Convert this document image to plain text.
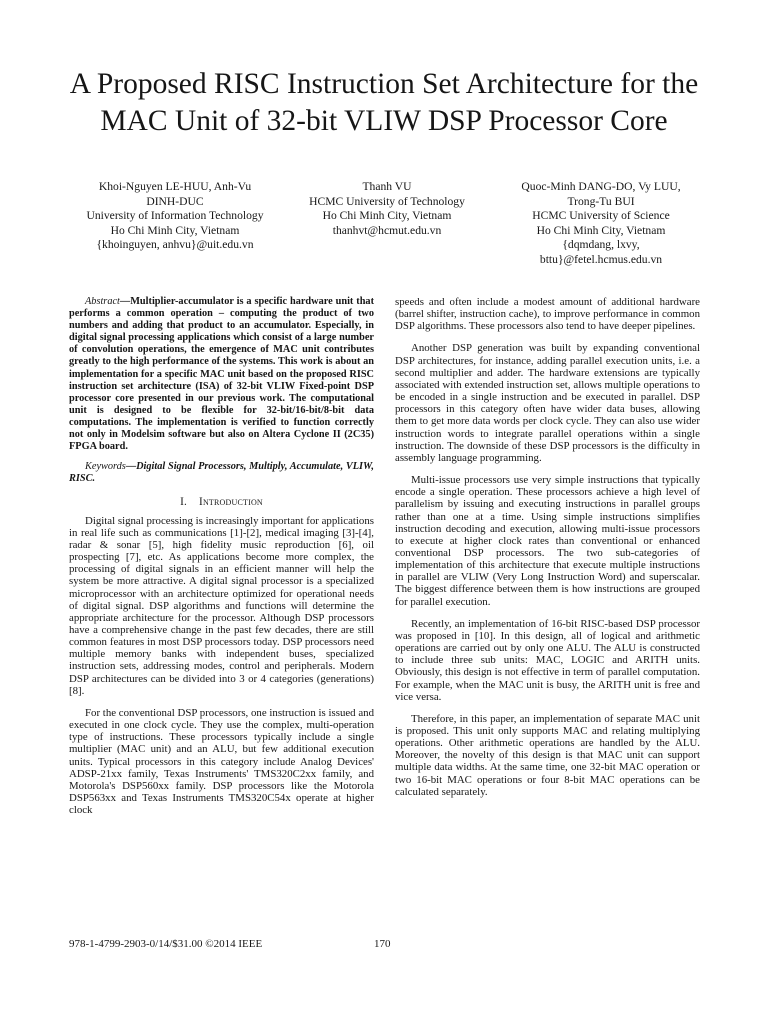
A Proposed RISC Instruction Set Architecture for the MAC Unit of 32-bit VLIW DSP Processor Core
Khoi-Nguyen LE-HUU, Anh-Vu
DINH-DUC
University of Information Technology
Ho Chi Minh City, Vietnam
{khoinguyen, anhvu}@uit.edu.vn
Thanh VU
HCMC University of Technology
Ho Chi Minh City, Vietnam
thanhvt@hcmut.edu.vn
Quoc-Minh DANG-DO, Vy LUU,
Trong-Tu BUI
HCMC University of Science
Ho Chi Minh City, Vietnam
{dqmdang, lxvy,
bttu}@fetel.hcmus.edu.vn

Abstract—Multiplier-accumulator is a specific hardware unit that performs a common operation – computing the product of two numbers and adding that product to an accumulator. Especially, in digital signal processing applications which consist of a large number of convolution operations, the emergence of MAC unit contributes greatly to the high performance of the systems. This work is about an implementation for a specific MAC unit based on the proposed RISC instruction set architecture (ISA) of 32-bit VLIW Fixed-point DSP processor core presented in our previous work. The computational unit is designed to be flexible for 32-bit/16-bit/8-bit data computations. The implementation is verified to function correctly not only in Modelsim software but also on Altera Cyclone II (2C35) FPGA board.

Keywords—Digital Signal Processors, Multiply, Accumulate, VLIW, RISC.

I. Introduction

Digital signal processing is increasingly important for applications in real life such as communications [1]-[2], medical imaging [3]-[4], radar & sonar [5], high fidelity music reproduction [6], oil prospecting [7], etc. As applications become more complex, the processing of digital signals in an efficient manner will help the system be more attractive. A digital signal processor is a specialized microprocessor with an architecture optimized for operational needs of digital signal. DSP algorithms and functions will determine the appropriate architecture for the processor. Although DSP processors have a comprehensive change in the past few decades, there are still common features in most DSP processors today. DSP processors need multiple memory banks with independent buses, specialized instruction sets, addressing modes, control and peripherals. Modern DSP architectures can be divided into 3 or 4 categories (generations) [8].

For the conventional DSP processors, one instruction is issued and executed in one clock cycle. They use the complex, multi-operation type of instructions. These processors typically include a single multiplier (MAC unit) and an ALU, but few additional execution units. Typical processors in this category include Analog Devices' ADSP-21xx family, Texas Instruments' TMS320C2xx family, and Motorola's DSP560xx family. DSP processors like the Motorola DSP563xx and Texas Instruments TMS320C54x operate at higher clock

speeds and often include a modest amount of additional hardware (barrel shifter, instruction cache), to improve performance in common DSP algorithms. These processors also tend to have deeper pipelines.

Another DSP generation was built by expanding conventional DSP architectures, for instance, adding parallel execution units, i.e. a second multiplier and adder. The hardware extensions are typically associated with extended instruction set, allows multiple operations to be encoded in a single instruction and be executed in parallel. DSP processors in this category often have wider data buses, allowing them to get more data words per clock cycle. They can also use wider instruction words to integrate parallel operations within a single instruction. The downside of these DSP processors is the difficulty in assembly language programming.

Multi-issue processors use very simple instructions that typically encode a single operation. These processors achieve a high level of parallelism by issuing and executing instructions in parallel groups rather than one at a time. Using simple instructions simplifies instruction decoding and execution, allowing multi-issue processors to execute at higher clock rates than conventional or enhanced conventional DSP processors. The two sub-categories of implementation of this architecture that execute multiple instructions in parallel are VLIW (Very Long Instruction Word) and superscalar. The biggest difference between them is how instructions are grouped for parallel execution.

Recently, an implementation of 16-bit RISC-based DSP processor was proposed in [10]. In this design, all of logical and arithmetic operations are carried out by only one ALU. The ALU is constructed to include three sub units: MAC, LOGIC and ARITH units. Obviously, this design is not effective in term of parallel computation. For example, when the MAC unit is busy, the ARITH unit is free and vice versa.

Therefore, in this paper, an implementation of separate MAC unit is proposed. This unit only supports MAC and relating multiplying operations. Other arithmetic operations are handled by the ALU. Moreover, the novelty of this design is that MAC unit can support multiple data widths. At the same time, one 32-bit MAC operation or two 16-bit MAC operations or four 8-bit MAC operations can be calculated separately.

978-1-4799-2903-0/14/$31.00 ©2014 IEEE	170
